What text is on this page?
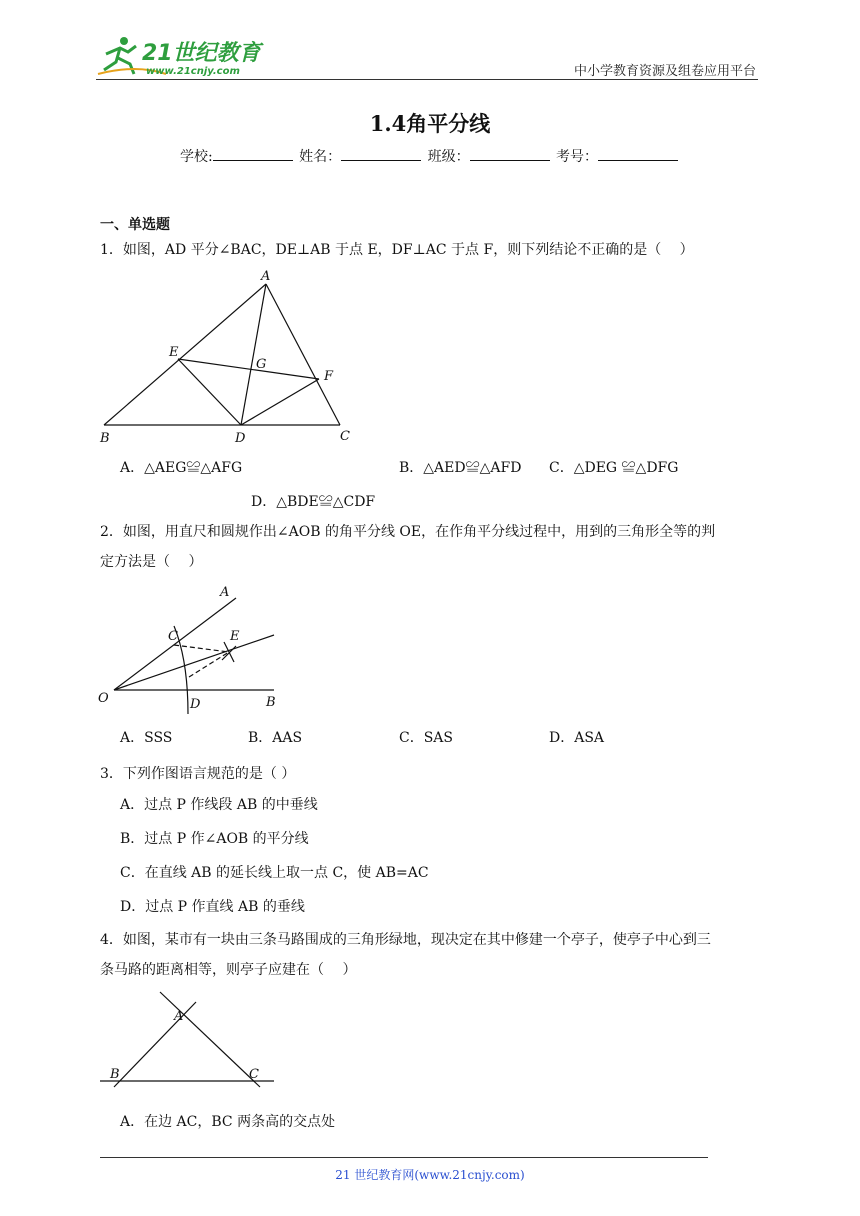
21世纪教育
www.21cnjy.com	中小学教育资源及组卷应用平台
1.4角平分线
学校:	姓名：	班级：	考号：
一、单选题
1．如图，AD 平分∠BAC，DE⊥AB 于点 E，DF⊥AC 于点 F，则下列结论不正确的是（　 ）
A
E
G
F
B	D	C
A．△AEG≌△AFG	B．△AED≌△AFD C．△DEG ≌△DFG
D．△BDE≌△CDF
2．如图，用直尺和圆规作出∠AOB 的角平分线 OE，在作角平分线过程中，用到的三角形全等的判
定方法是（　 ）
A
C	E
O	D	B
A．SSS	B．AAS	C．SAS	D．ASA
3．下列作图语言规范的是（ ）
A．过点 P 作线段 AB 的中垂线
B．过点 P 作∠AOB 的平分线
C．在直线 AB 的延长线上取一点 C，使 AB=AC
D．过点 P 作直线 AB 的垂线
4．如图，某市有一块由三条马路围成的三角形绿地，现决定在其中修建一个亭子，使亭子中心到三
条马路的距离相等，则亭子应建在（　 ）
A
B	C
A．在边 AC，BC 两条高的交点处
21 世纪教育网(www.21cnjy.com)
